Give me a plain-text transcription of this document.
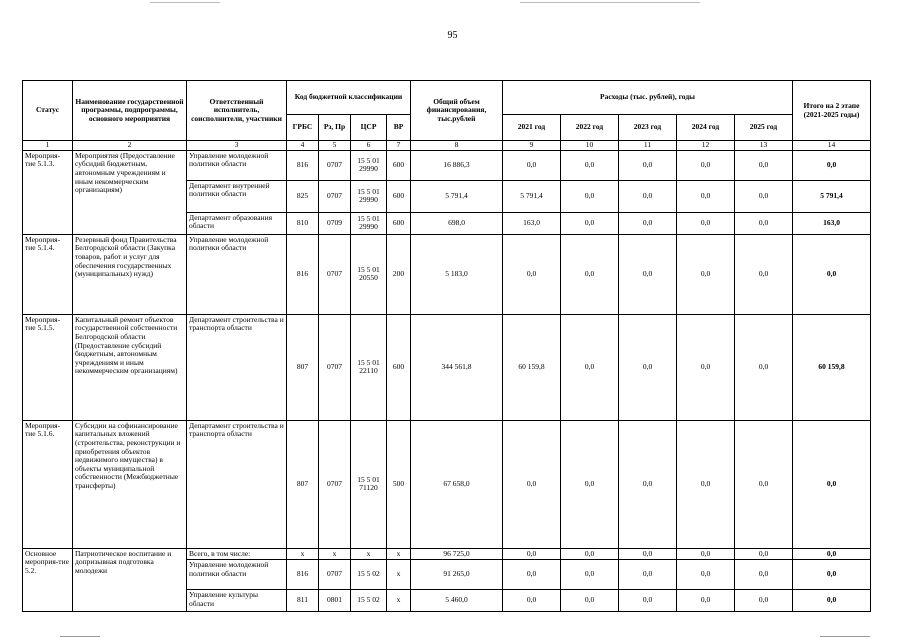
95
Статус	Наименование государственной программы, подпрограммы, основного мероприятия	Ответственный исполнитель, соисполнители, участники	Код бюджетной классификации				Общий объем финансирования, тыс.рублей	Расходы (тыс. рублей), годы					Итого на 2 этапе (2021-2025 годы)
			ГРБС	Рз, Пр	ЦСР	ВР		2021 год	2022 год	2023 год	2024 год	2025 год	
1	2	3	4	5	6	7	8	9	10	11	12	13	14
Мероприя-тие 5.1.3.	Мероприятия (Предоставление субсидий бюджетным, автономным учреждениям и иным некоммерческим организациям)	Управление молодежной политики области	816	0707	15 5 01 29990	600	16 886,3	0,0	0,0	0,0	0,0	0,0	0,0
		Департамент внутренней политики области	825	0707	15 5 01 29990	600	5 791,4	5 791,4	0,0	0,0	0,0	0,0	5 791,4
		Департамент образования области	810	0709	15 5 01 29990	600	698,0	163,0	0,0	0,0	0,0	0,0	163,0
Мероприя-тие 5.1.4.	Резервный фонд Правительства Белгородской области (Закупка товаров, работ и услуг для обеспечения государственных (муниципальных) нужд)	Управление молодежной политики области	816	0707	15 5 01 20550	200	5 183,0	0,0	0,0	0,0	0,0	0,0	0,0
Мероприя-тие 5.1.5.	Капитальный ремонт объектов государственной собственности Белгородской области (Предоставление субсидий бюджетным, автономным учреждениям и иным некоммерческим организациям)	Департамент строительства и транспорта области	807	0707	15 5 01 22110	600	344 561,8	60 159,8	0,0	0,0	0,0	0,0	60 159,8
Мероприя-тие 5.1.6.	Субсидии на софинансирование капитальных вложений (строительства, реконструкции и приобретения объектов недвижимого имущества) в объекты муниципальной собственности (Межбюджетные трансферты)	Департамент строительства и транспорта области	807	0707	15 5 01 71120	500	67 658,0	0,0	0,0	0,0	0,0	0,0	0,0
Основное мероприя-тие 5.2.	Патриотическое воспитание и допризывная подготовка молодежи	Всего, в том числе:	х	х	х	х	96 725,0	0,0	0,0	0,0	0,0	0,0	0,0
		Управление молодежной политики области	816	0707	15 5 02	х	91 265,0	0,0	0,0	0,0	0,0	0,0	0,0
		Управление культуры области	811	0801	15 5 02	х	5 460,0	0,0	0,0	0,0	0,0	0,0	0,0
